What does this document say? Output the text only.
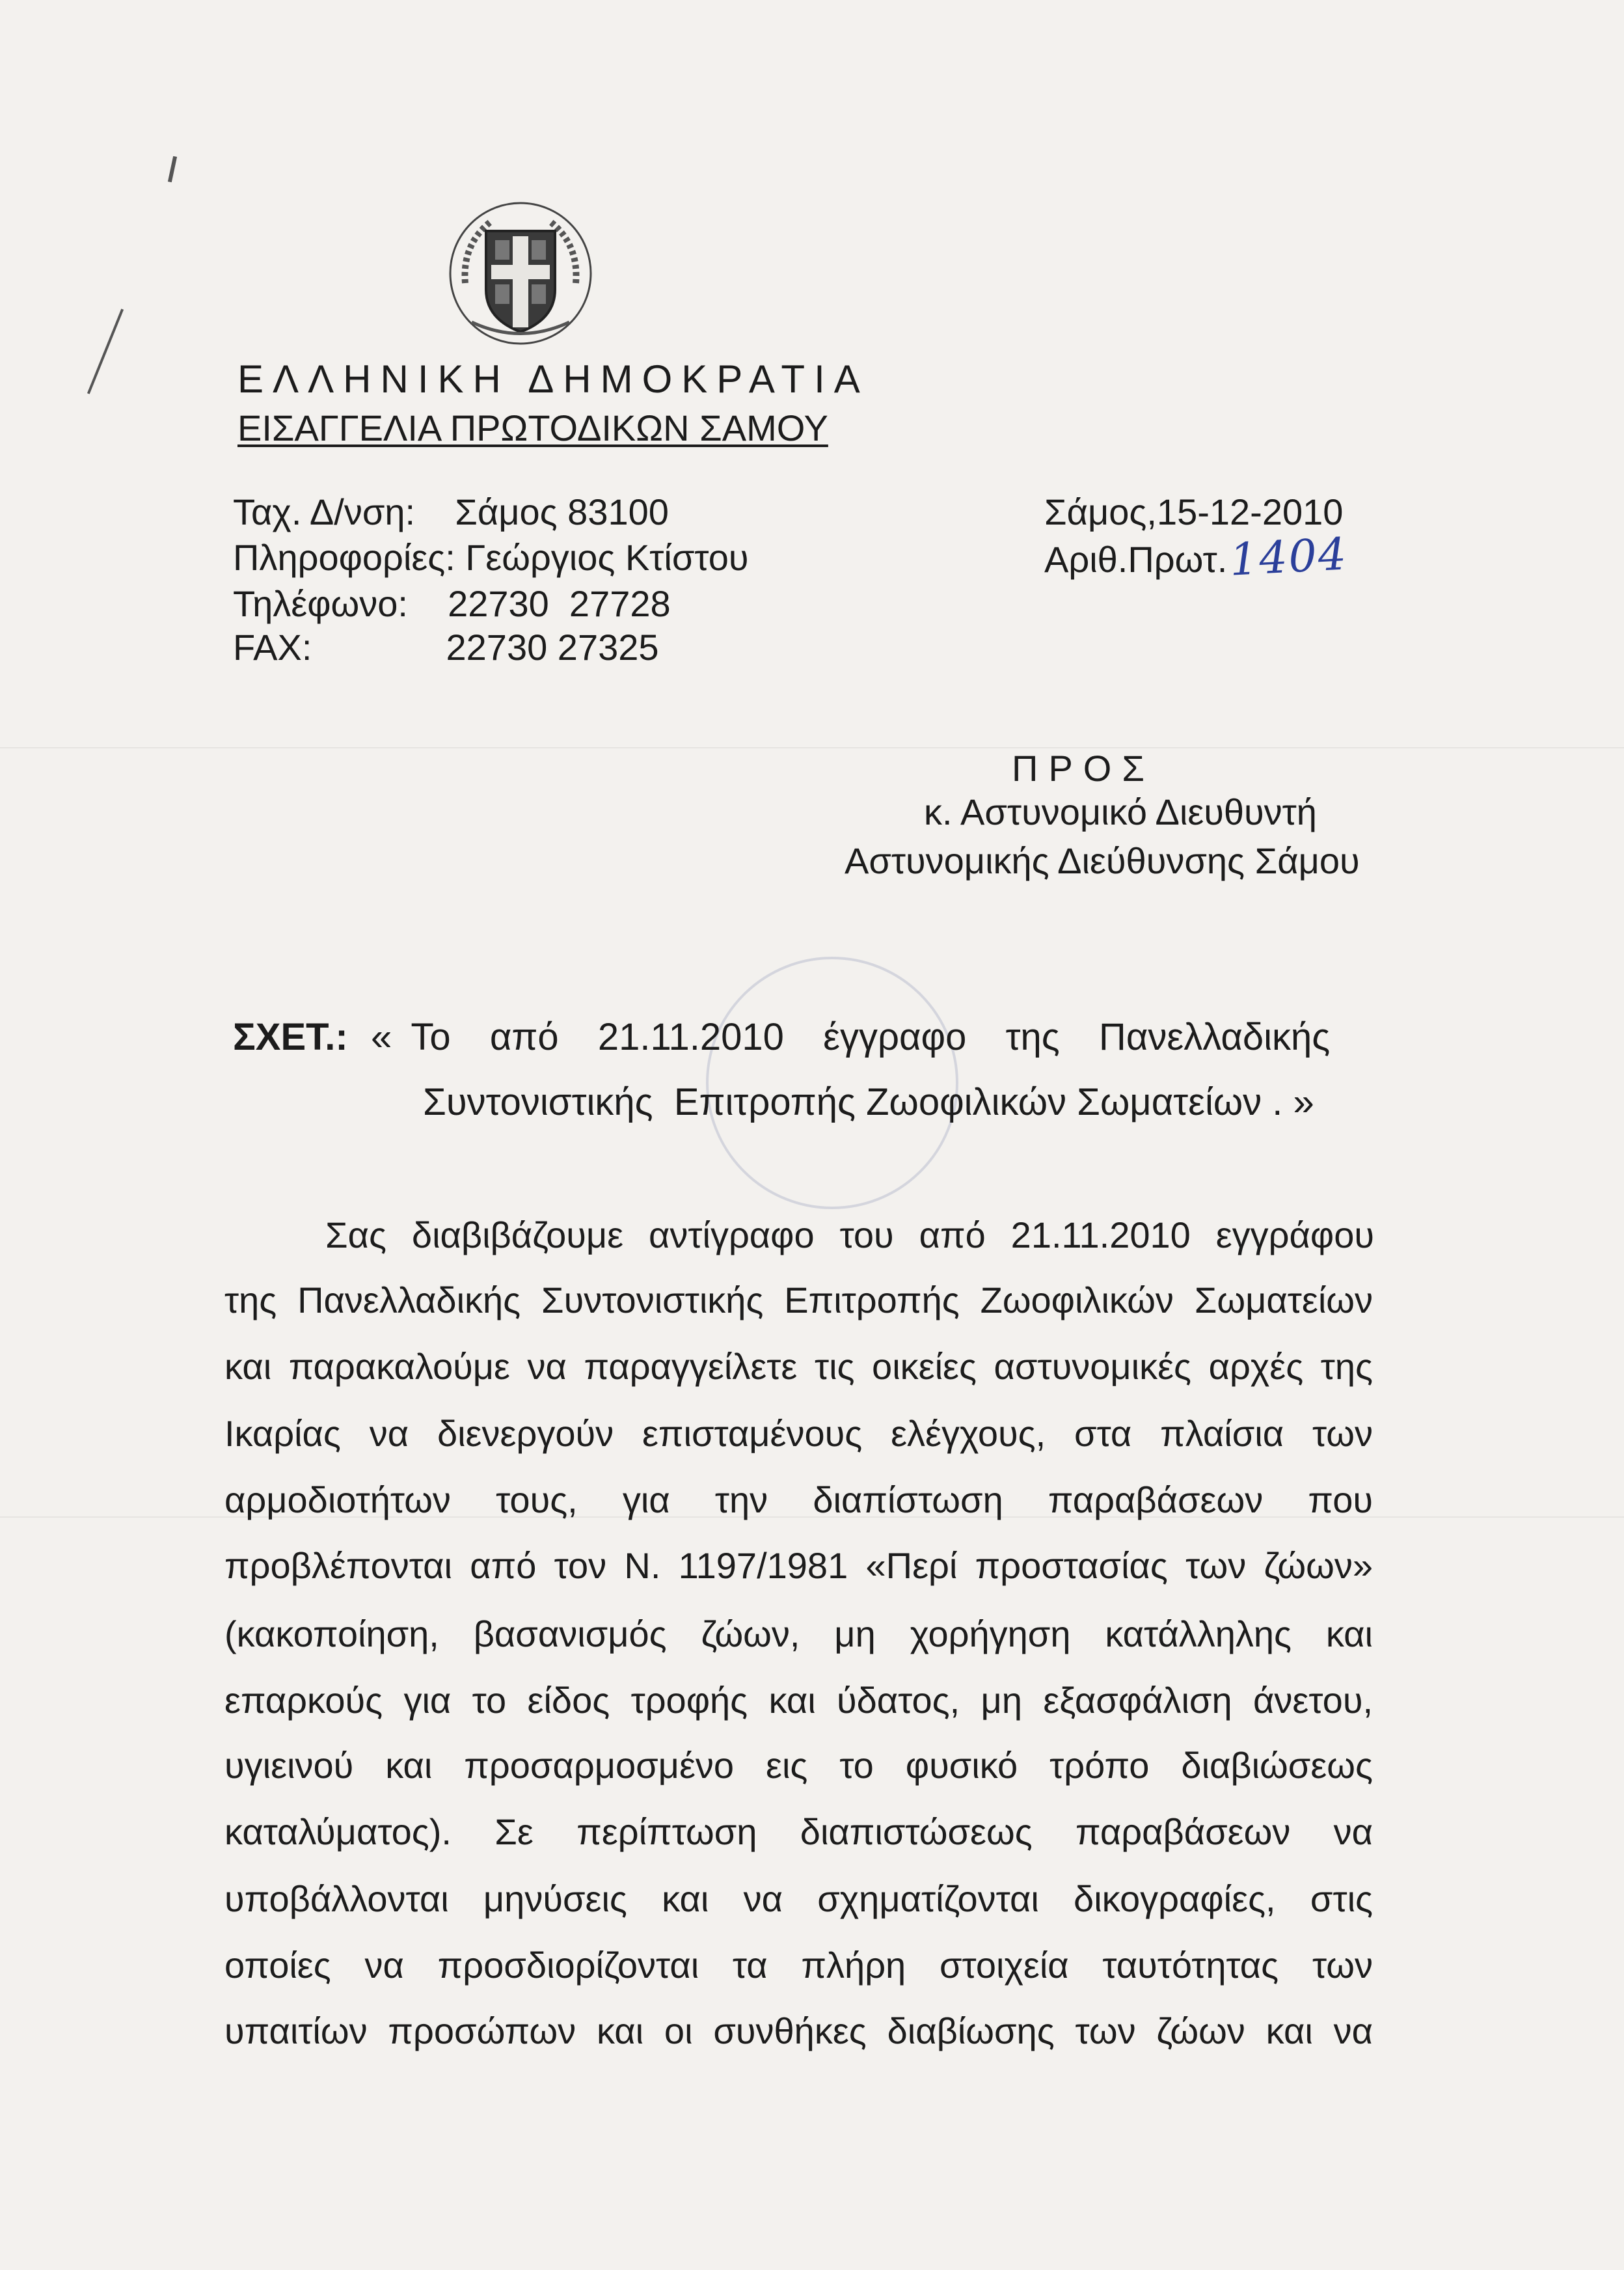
ΕΛΛΗΝΙΚΗ ΔΗΜΟΚΡΑΤΙΑ
ΕΙΣΑΓΓΕΛΙΑ ΠΡΩΤΟΔΙΚΩΝ ΣΑΜΟΥ
Ταχ. Δ/νση: Σάμος 83100
Πληροφορίες: Γεώργιος Κτίστου
Τηλέφωνο: 22730  27728
FAX:	22730 27325
Σάμος,15-12-2010
Αριθ.Πρωτ.1404
ΠΡΟΣ
κ. Αστυνομικό Διευθυντή
Αστυνομικής Διεύθυνσης Σάμου
ΣΧΕΤ.: « Το  από  21.11.2010  έγγραφο  της  Πανελλαδικής
Συντονιστικής  Επιτροπής Ζωοφιλικών Σωματείων . »
Σας διαβιβάζουμε αντίγραφο του από 21.11.2010 εγγράφου
της Πανελλαδικής Συντονιστικής Επιτροπής Ζωοφιλικών Σωματείων
και παρακαλούμε να παραγγείλετε τις οικείες αστυνομικές αρχές της
Ικαρίας να διενεργούν επισταμένους ελέγχους, στα πλαίσια των
αρμοδιοτήτων τους, για την διαπίστωση παραβάσεων που
προβλέπονται από τον Ν. 1197/1981 «Περί προστασίας των ζώων»
(κακοποίηση, βασανισμός ζώων, μη χορήγηση κατάλληλης και
επαρκούς για το είδος τροφής και ύδατος, μη εξασφάλιση άνετου,
υγιεινού και προσαρμοσμένο εις το φυσικό τρόπο διαβιώσεως
καταλύματος). Σε περίπτωση διαπιστώσεως παραβάσεων να
υποβάλλονται μηνύσεις και να σχηματίζονται δικογραφίες, στις
οποίες να προσδιορίζονται τα πλήρη στοιχεία ταυτότητας των
υπαιτίων προσώπων και οι συνθήκες διαβίωσης των ζώων και να
